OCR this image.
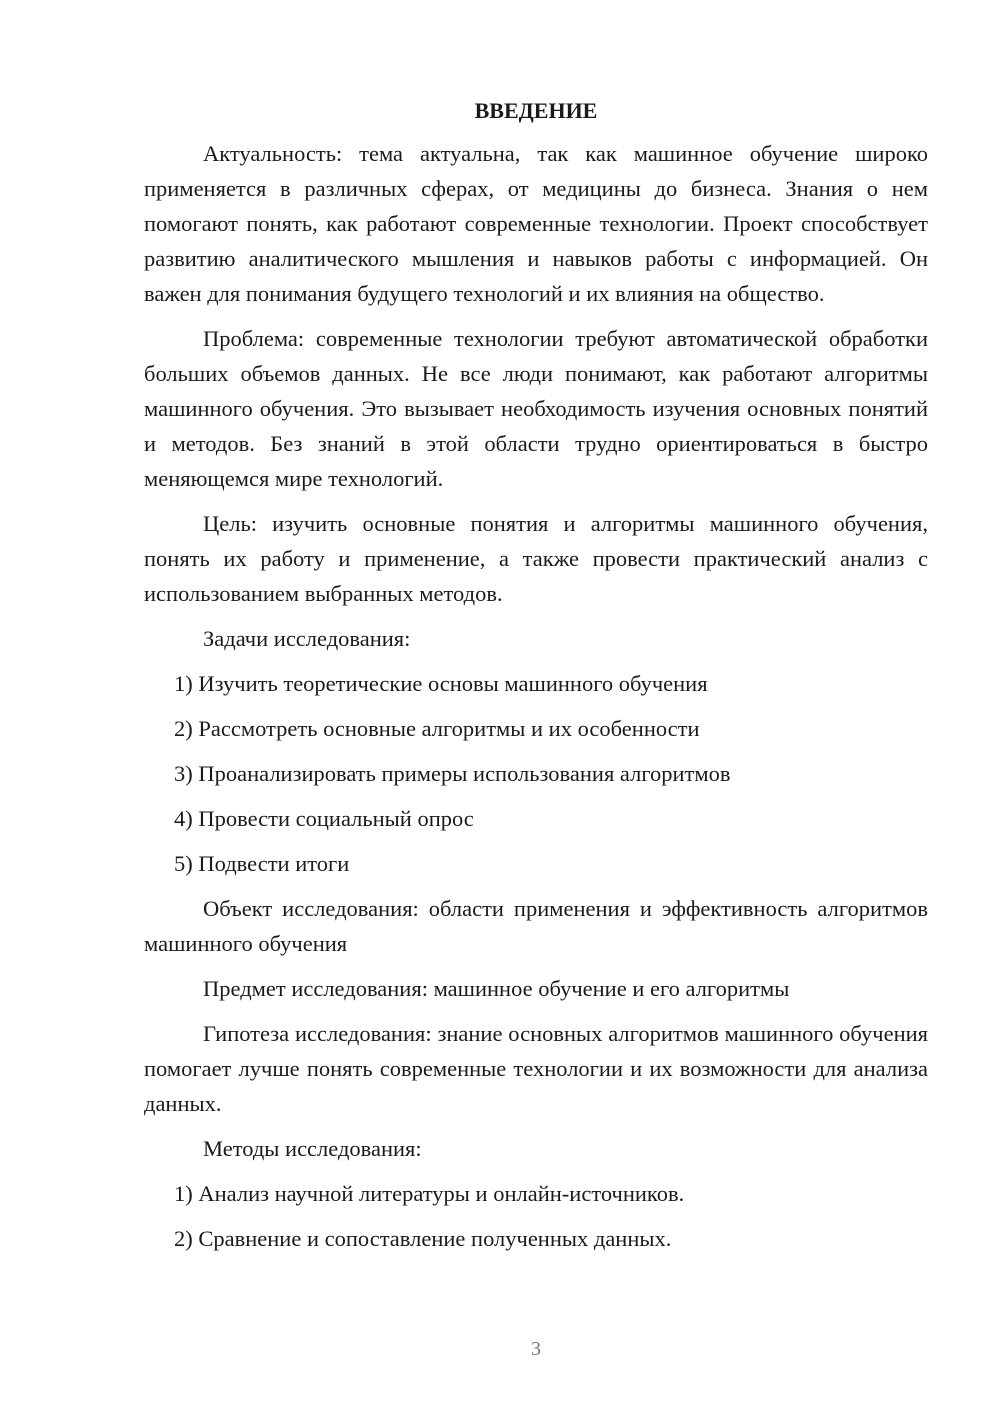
ВВЕДЕНИЕ

Актуальность: тема актуальна, так как машинное обучение широко применяется в различных сферах, от медицины до бизнеса. Знания о нем помогают понять, как работают современные технологии. Проект способствует развитию аналитического мышления и навыков работы с информацией. Он важен для понимания будущего технологий и их влияния на общество.

Проблема: современные технологии требуют автоматической обработки больших объемов данных. Не все люди понимают, как работают алгоритмы машинного обучения. Это вызывает необходимость изучения основных понятий и методов. Без знаний в этой области трудно ориентироваться в быстро меняющемся мире технологий.

Цель: изучить основные понятия и алгоритмы машинного обучения, понять их работу и применение, а также провести практический анализ с использованием выбранных методов.

Задачи исследования:

1) Изучить теоретические основы машинного обучения
2) Рассмотреть основные алгоритмы и их особенности
3) Проанализировать примеры использования алгоритмов
4) Провести социальный опрос
5) Подвести итоги

Объект исследования: области применения и эффективность алгоритмов машинного обучения

Предмет исследования: машинное обучение и его алгоритмы

Гипотеза исследования: знание основных алгоритмов машинного обучения помогает лучше понять современные технологии и их возможности для анализа данных.

Методы исследования:

1) Анализ научной литературы и онлайн-источников.
2) Сравнение и сопоставление полученных данных.
3
